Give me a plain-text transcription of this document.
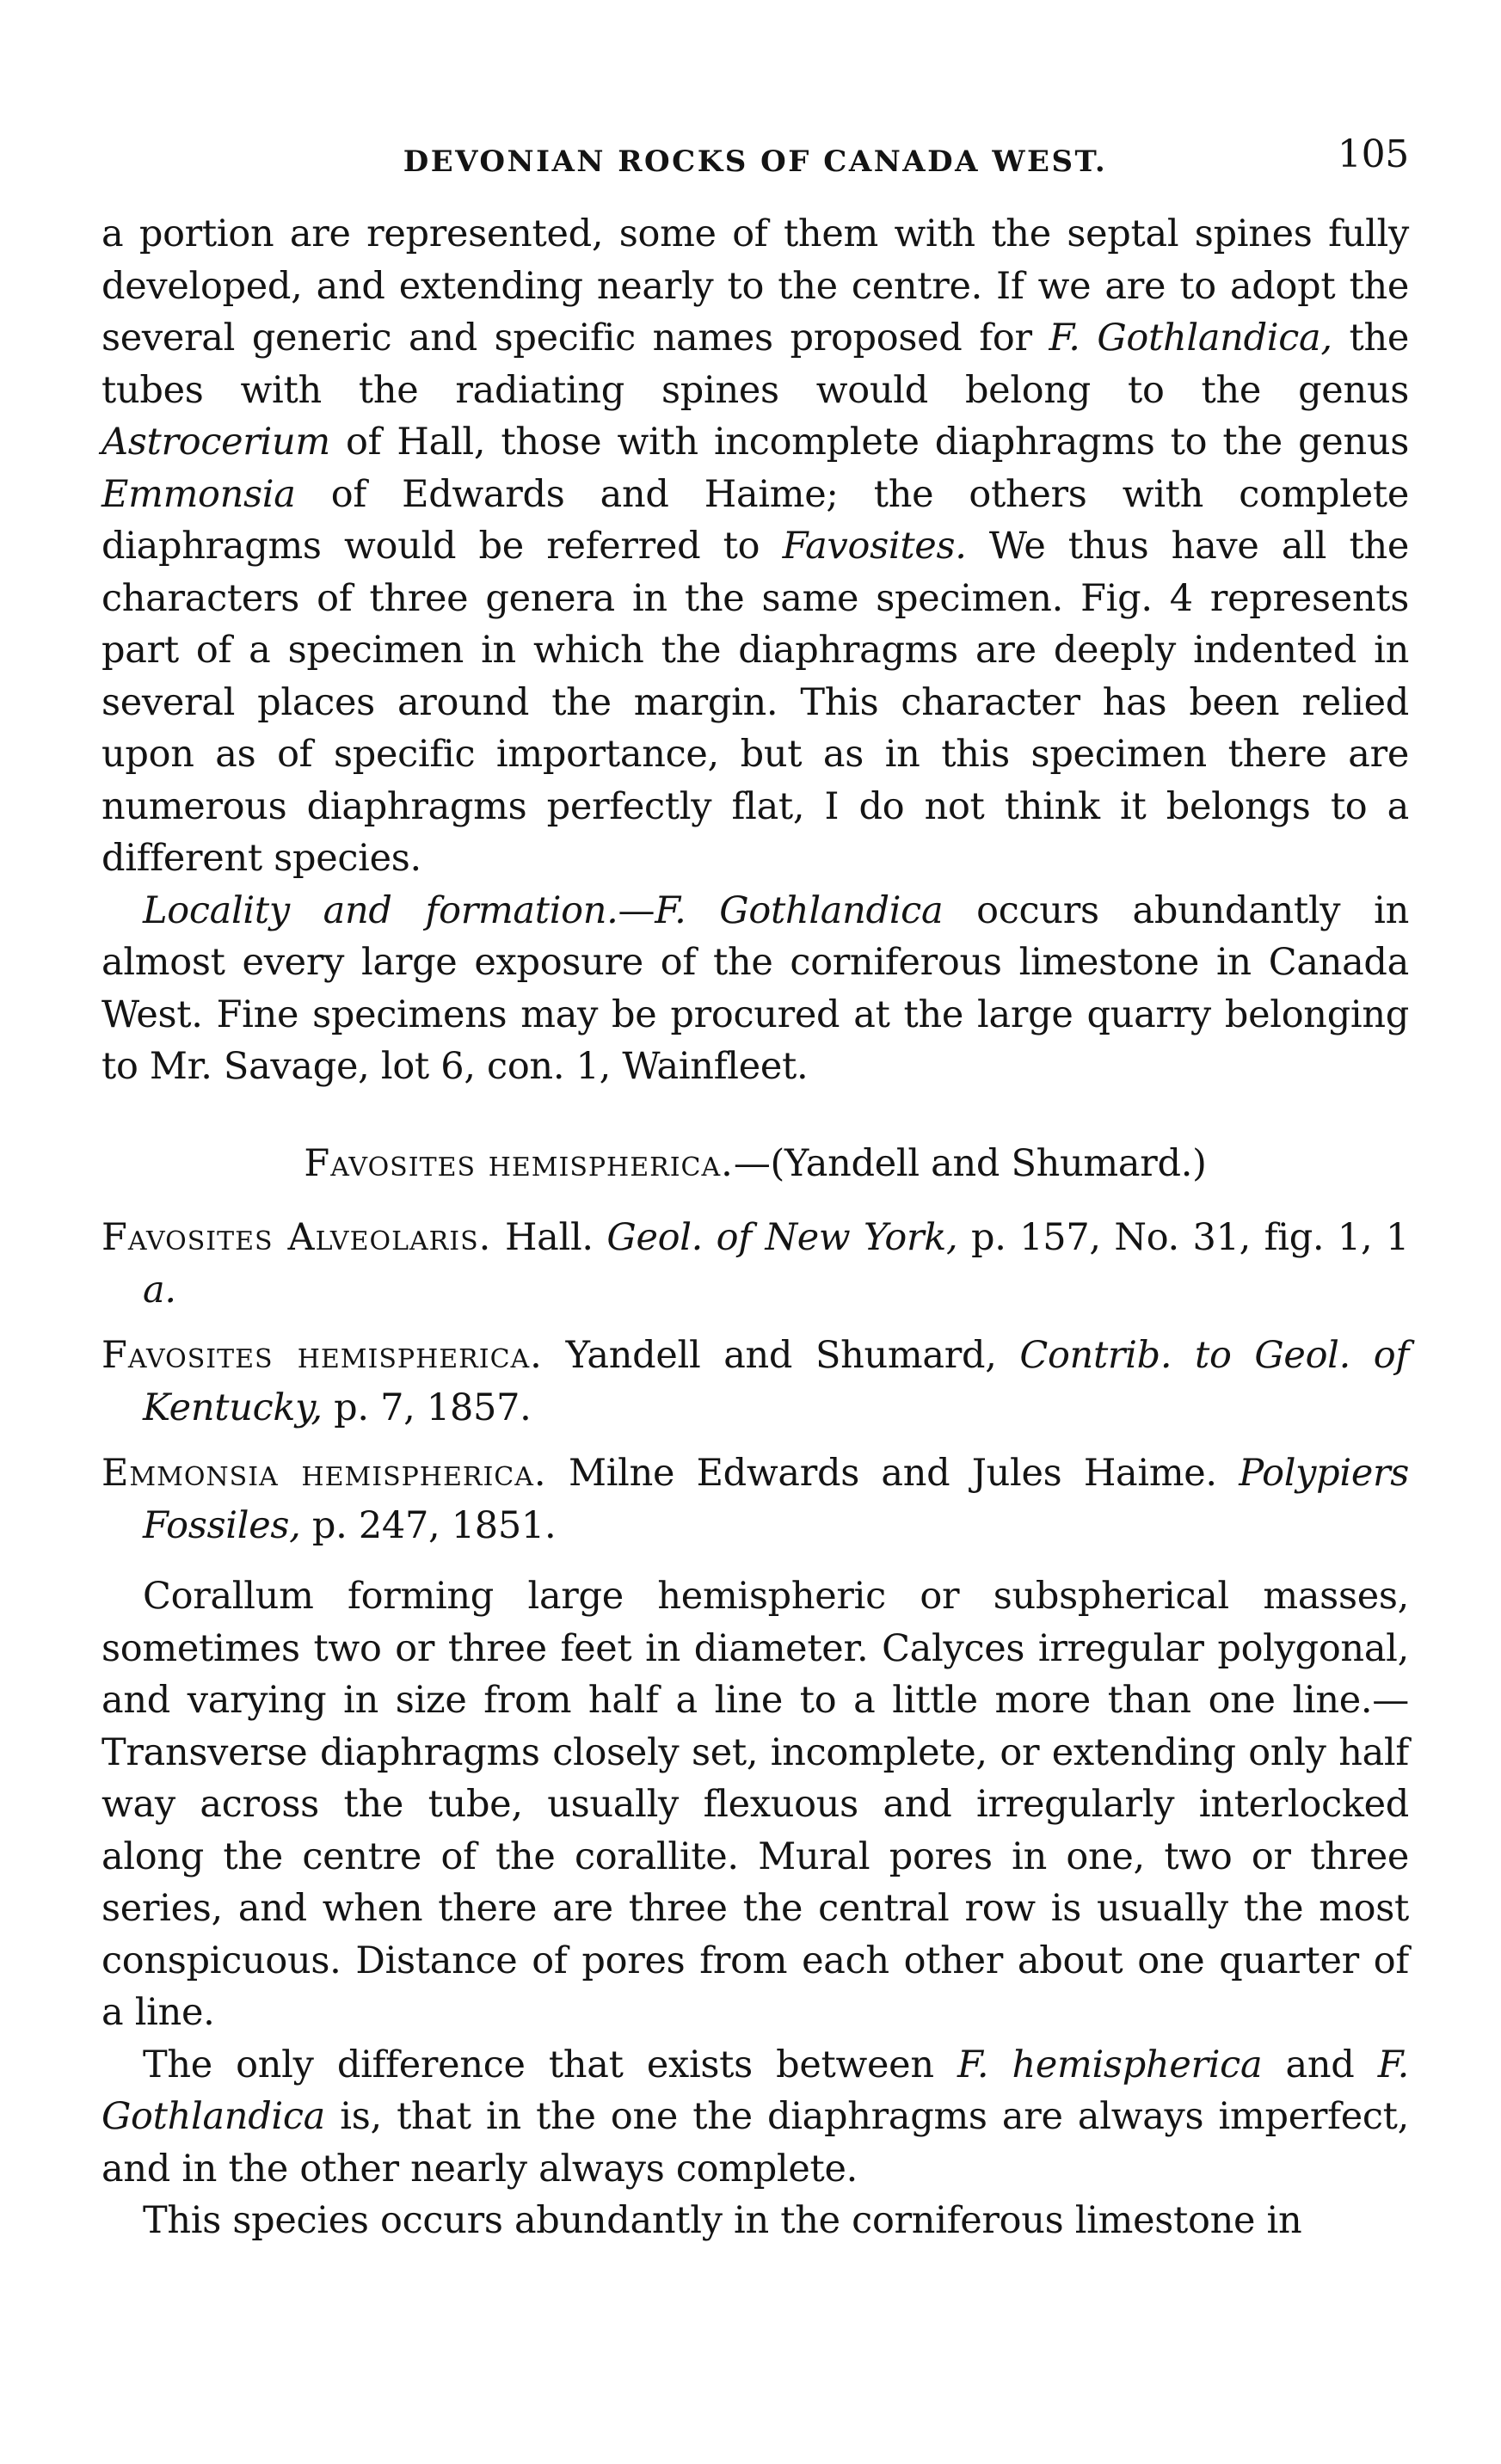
DEVONIAN ROCKS OF CANADA WEST.	105

a portion are represented, some of them with the septal spines fully developed, and extending nearly to the centre. If we are to adopt the several generic and specific names proposed for F. Gothlandica, the tubes with the radiating spines would belong to the genus Astrocerium of Hall, those with incomplete diaphragms to the genus Emmonsia of Edwards and Haime; the others with complete diaphragms would be referred to Favosites. We thus have all the characters of three genera in the same specimen. Fig. 4 represents part of a specimen in which the diaphragms are deeply indented in several places around the margin. This character has been relied upon as of specific importance, but as in this specimen there are numerous diaphragms perfectly flat, I do not think it belongs to a different species.

Locality and formation.—F. Gothlandica occurs abundantly in almost every large exposure of the corniferous limestone in Canada West. Fine specimens may be procured at the large quarry belonging to Mr. Savage, lot 6, con. 1, Wainfleet.

Favosites hemispherica.—(Yandell and Shumard.)

Favosites Alveolaris. Hall. Geol. of New York, p. 157, No. 31, fig. 1, 1 a.

Favosites hemispherica. Yandell and Shumard, Contrib. to Geol. of Kentucky, p. 7, 1857.

Emmonsia hemispherica. Milne Edwards and Jules Haime. Polypiers Fossiles, p. 247, 1851.

Corallum forming large hemispheric or subspherical masses, sometimes two or three feet in diameter. Calyces irregular polygonal, and varying in size from half a line to a little more than one line.—Transverse diaphragms closely set, incomplete, or extending only half way across the tube, usually flexuous and irregularly interlocked along the centre of the corallite. Mural pores in one, two or three series, and when there are three the central row is usually the most conspicuous. Distance of pores from each other about one quarter of a line.

The only difference that exists between F. hemispherica and F. Gothlandica is, that in the one the diaphragms are always imperfect, and in the other nearly always complete.

This species occurs abundantly in the corniferous limestone in
